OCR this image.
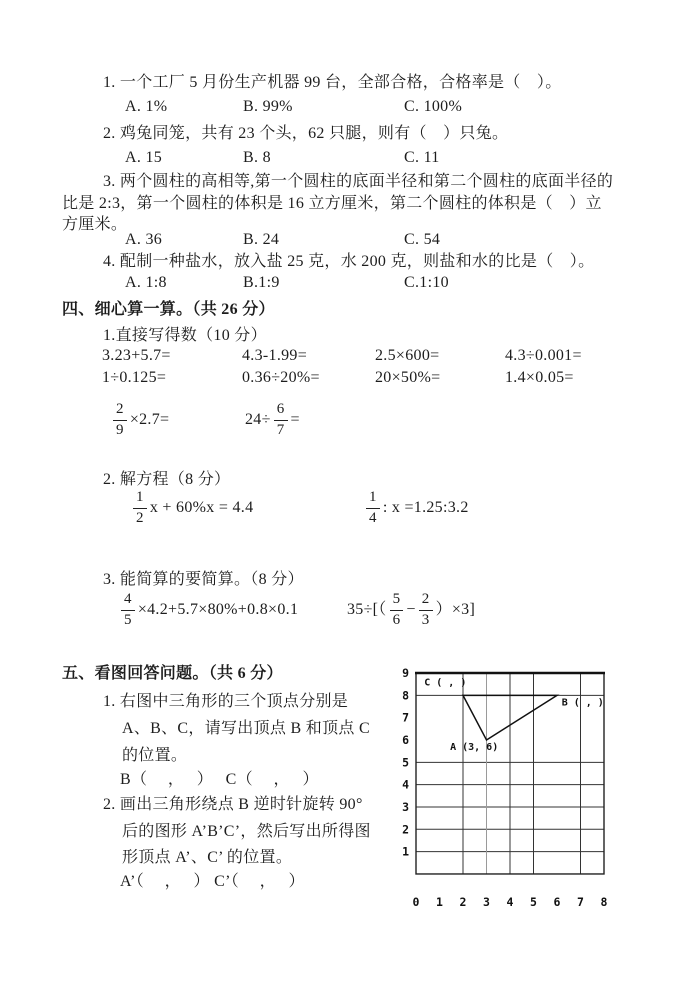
1. 一个工厂 5 月份生产机器 99 台，全部合格，合格率是（　）。
A. 1%	B. 99%	C. 100%
2. 鸡兔同笼，共有 23 个头，62 只腿，则有（　）只兔。
A. 15	B. 8	C. 11
3. 两个圆柱的高相等,第一个圆柱的底面半径和第二个圆柱的底面半径的
比是 2:3，第一个圆柱的体积是 16 立方厘米，第二个圆柱的体积是（　）立
方厘米。
A. 36	B. 24	C. 54
4. 配制一种盐水，放入盐 25 克，水 200 克，则盐和水的比是（　）。
A. 1:8	B.1:9	C.1:10
四、细心算一算。（共 26 分）
1.直接写得数（10 分）
3.23+5.7=	4.3-1.99=	2.5×600=	4.3÷0.001=
1÷0.125=	0.36÷20%=	20×50%=	1.4×0.05=
$\frac{2}{9} \times 2.7=$	$24\div \frac{6}{7}$ =
2. 解方程（8 分）
$\frac{1}{2}$ x + 60%x = 4.4	$\frac{1}{4}$ : x =1.25:3.2
3. 能简算的要简算。（8 分）
$\frac{4}{5} \times 4.2+5.7\times 80\%+0.8\times 0.1$	$35\div[( \frac{5}{6} - \frac{2}{3} )\times 3]$
五、看图回答问题。（共 6 分）
1. 右图中三角形的三个顶点分别是
A、B、C，请写出顶点 B 和顶点 C
的位置。
B（　 ，　 ）　 C（　 ，　 ）
2. 画出三角形绕点 B 逆时针旋转 90°
后的图形 A’B’C’，然后写出所得图
形顶点 A’、C’ 的位置。
A’（　 ，　 ） C’（　 ，　 ）
0 1 2 3 4 5 6 7 8
1
2
3
4
5
6
7
8
9
C ( , )
B ( , )
A (3, 6)
